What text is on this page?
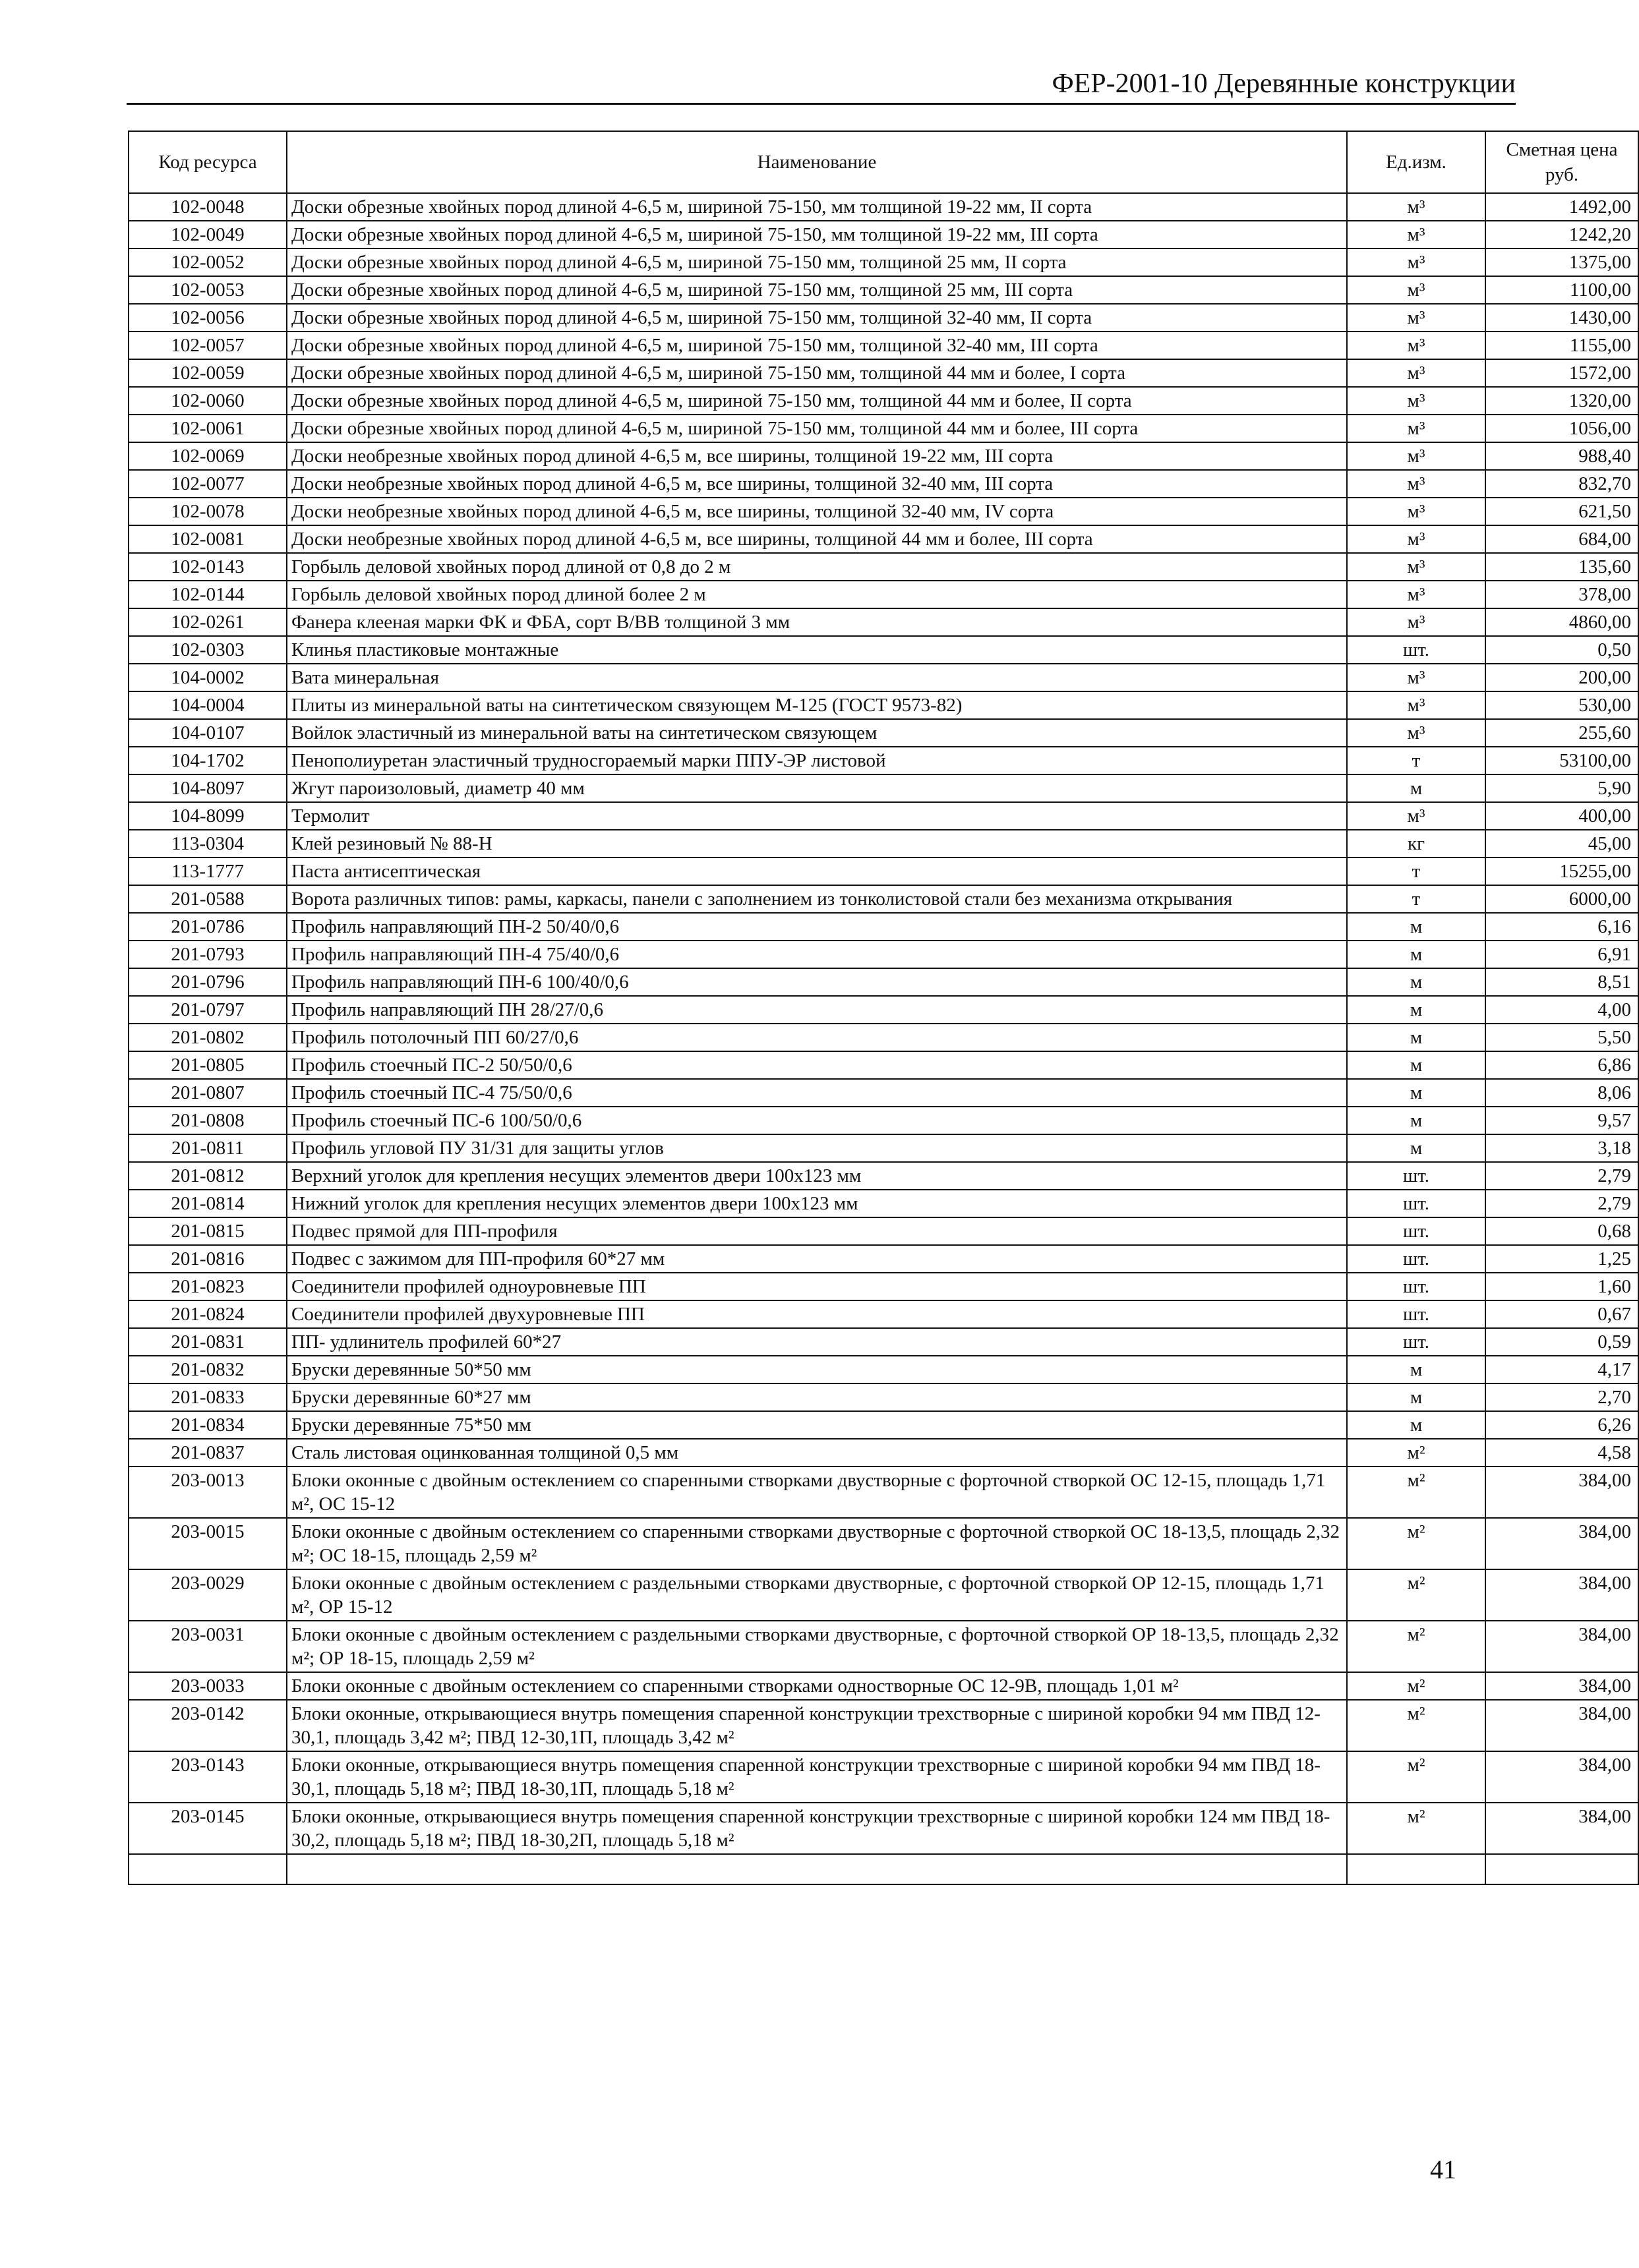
ФЕР-2001-10 Деревянные конструкции
Код ресурса	Наименование	Ед.изм.	Сметная цена руб.
102-0048	Доски обрезные хвойных пород длиной 4-6,5 м, шириной 75-150, мм толщиной 19-22 мм, II сорта	м³	1492,00
102-0049	Доски обрезные хвойных пород длиной 4-6,5 м, шириной 75-150, мм толщиной 19-22 мм, III сорта	м³	1242,20
102-0052	Доски обрезные хвойных пород длиной 4-6,5 м, шириной 75-150 мм, толщиной 25 мм, II сорта	м³	1375,00
102-0053	Доски обрезные хвойных пород длиной 4-6,5 м, шириной 75-150 мм, толщиной 25 мм, III сорта	м³	1100,00
102-0056	Доски обрезные хвойных пород длиной 4-6,5 м, шириной 75-150 мм, толщиной 32-40 мм, II сорта	м³	1430,00
102-0057	Доски обрезные хвойных пород длиной 4-6,5 м, шириной 75-150 мм, толщиной 32-40 мм, III сорта	м³	1155,00
102-0059	Доски обрезные хвойных пород длиной 4-6,5 м, шириной 75-150 мм, толщиной 44 мм и более, I сорта	м³	1572,00
102-0060	Доски обрезные хвойных пород длиной 4-6,5 м, шириной 75-150 мм, толщиной 44 мм и более, II сорта	м³	1320,00
102-0061	Доски обрезные хвойных пород длиной 4-6,5 м, шириной 75-150 мм, толщиной 44 мм и более, III сорта	м³	1056,00
102-0069	Доски необрезные хвойных пород длиной 4-6,5 м, все ширины, толщиной 19-22 мм, III сорта	м³	988,40
102-0077	Доски необрезные хвойных пород длиной 4-6,5 м, все ширины, толщиной 32-40 мм, III сорта	м³	832,70
102-0078	Доски необрезные хвойных пород длиной 4-6,5 м, все ширины, толщиной 32-40 мм, IV сорта	м³	621,50
102-0081	Доски необрезные хвойных пород длиной 4-6,5 м, все ширины, толщиной 44 мм и более, III сорта	м³	684,00
102-0143	Горбыль деловой хвойных пород длиной от 0,8 до 2 м	м³	135,60
102-0144	Горбыль деловой хвойных пород длиной более 2 м	м³	378,00
102-0261	Фанера клееная марки ФК и ФБА, сорт В/ВВ толщиной 3 мм	м³	4860,00
102-0303	Клинья пластиковые монтажные	шт.	0,50
104-0002	Вата минеральная	м³	200,00
104-0004	Плиты из минеральной ваты на синтетическом связующем М-125 (ГОСТ 9573-82)	м³	530,00
104-0107	Войлок эластичный из минеральной ваты на синтетическом связующем	м³	255,60
104-1702	Пенополиуретан эластичный трудносгораемый марки ППУ-ЭР листовой	т	53100,00
104-8097	Жгут пароизоловый, диаметр 40 мм	м	5,90
104-8099	Термолит	м³	400,00
113-0304	Клей резиновый № 88-Н	кг	45,00
113-1777	Паста антисептическая	т	15255,00
201-0588	Ворота различных типов: рамы, каркасы, панели с заполнением из тонколистовой стали без механизма открывания	т	6000,00
201-0786	Профиль направляющий ПН-2 50/40/0,6	м	6,16
201-0793	Профиль направляющий ПН-4 75/40/0,6	м	6,91
201-0796	Профиль направляющий ПН-6 100/40/0,6	м	8,51
201-0797	Профиль направляющий ПН 28/27/0,6	м	4,00
201-0802	Профиль потолочный ПП 60/27/0,6	м	5,50
201-0805	Профиль стоечный ПС-2 50/50/0,6	м	6,86
201-0807	Профиль стоечный ПС-4 75/50/0,6	м	8,06
201-0808	Профиль стоечный ПС-6 100/50/0,6	м	9,57
201-0811	Профиль угловой ПУ 31/31 для защиты углов	м	3,18
201-0812	Верхний уголок для крепления несущих элементов двери 100x123 мм	шт.	2,79
201-0814	Нижний уголок для крепления несущих элементов двери 100x123 мм	шт.	2,79
201-0815	Подвес прямой для ПП-профиля	шт.	0,68
201-0816	Подвес с зажимом для ПП-профиля 60*27 мм	шт.	1,25
201-0823	Соединители профилей одноуровневые ПП	шт.	1,60
201-0824	Соединители профилей двухуровневые ПП	шт.	0,67
201-0831	ПП- удлинитель профилей 60*27	шт.	0,59
201-0832	Бруски деревянные 50*50 мм	м	4,17
201-0833	Бруски деревянные 60*27 мм	м	2,70
201-0834	Бруски деревянные 75*50 мм	м	6,26
201-0837	Сталь листовая оцинкованная толщиной 0,5 мм	м²	4,58
203-0013	Блоки оконные с двойным остеклением со спаренными створками двустворные с форточной створкой ОС 12-15, площадь 1,71 м², ОС 15-12	м²	384,00
203-0015	Блоки оконные с двойным остеклением со спаренными створками двустворные с форточной створкой ОС 18-13,5, площадь 2,32 м²; ОС 18-15, площадь 2,59 м²	м²	384,00
203-0029	Блоки оконные с двойным остеклением с раздельными створками двустворные, с форточной створкой ОР 12-15, площадь 1,71 м², ОР 15-12	м²	384,00
203-0031	Блоки оконные с двойным остеклением с раздельными створками двустворные, с форточной створкой ОР 18-13,5, площадь 2,32 м²; ОР 18-15, площадь 2,59 м²	м²	384,00
203-0033	Блоки оконные с двойным остеклением со спаренными створками одностворные ОС 12-9В, площадь 1,01 м²	м²	384,00
203-0142	Блоки оконные, открывающиеся внутрь помещения спаренной конструкции трехстворные с шириной коробки 94 мм ПВД 12-30,1, площадь 3,42 м²; ПВД 12-30,1П, площадь 3,42 м²	м²	384,00
203-0143	Блоки оконные, открывающиеся внутрь помещения спаренной конструкции трехстворные с шириной коробки 94 мм ПВД 18-30,1, площадь 5,18 м²; ПВД 18-30,1П, площадь 5,18 м²	м²	384,00
203-0145	Блоки оконные, открывающиеся внутрь помещения спаренной конструкции трехстворные с шириной коробки 124 мм ПВД 18-30,2, площадь 5,18 м²; ПВД 18-30,2П, площадь 5,18 м²	м²	384,00

41
